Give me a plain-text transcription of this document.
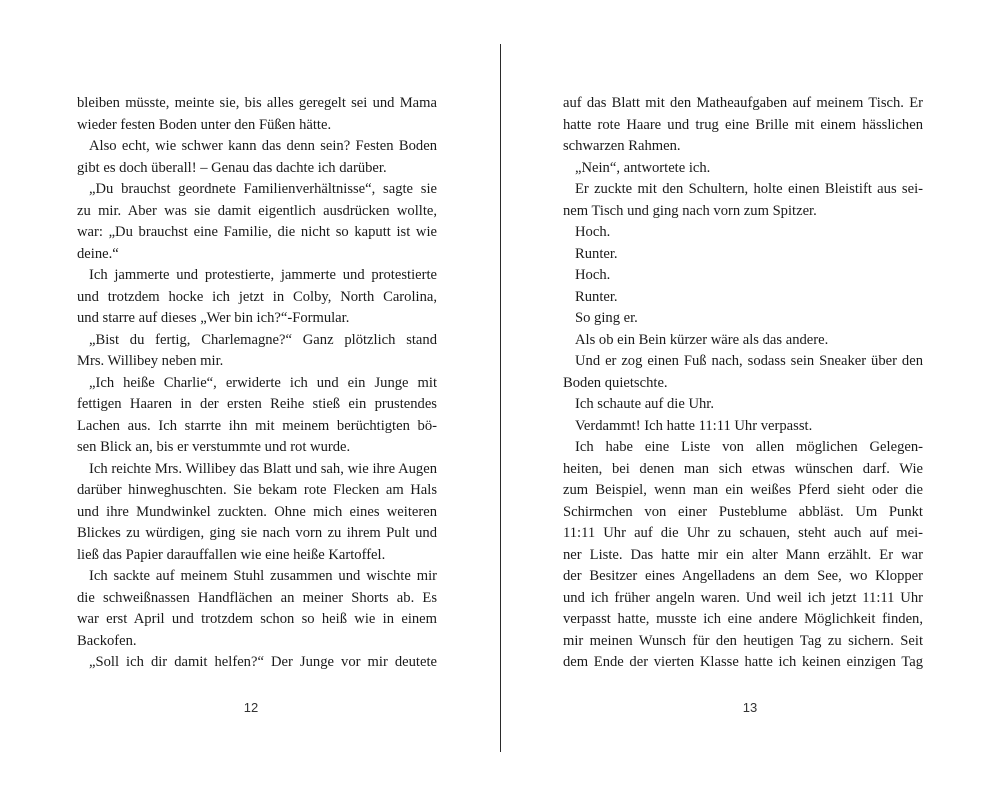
bleiben müsste, meinte sie, bis alles geregelt sei und Mama
wieder festen Boden unter den Füßen hätte.
Also echt, wie schwer kann das denn sein? Festen Boden
gibt es doch überall! – Genau das dachte ich darüber.
„Du brauchst geordnete Familienverhältnisse“, sagte sie
zu mir. Aber was sie damit eigentlich ausdrücken wollte,
war: „Du brauchst eine Familie, die nicht so kaputt ist wie
deine.“
Ich jammerte und protestierte, jammerte und protestierte
und trotzdem hocke ich jetzt in Colby, North Carolina,
und starre auf dieses „Wer bin ich?“-Formular.
„Bist du fertig, Charlemagne?“ Ganz plötzlich stand
Mrs. Willibey neben mir.
„Ich heiße Charlie“, erwiderte ich und ein Junge mit
fettigen Haaren in der ersten Reihe stieß ein prustendes
Lachen aus. Ich starrte ihn mit meinem berüchtigten bö-
sen Blick an, bis er verstummte und rot wurde.
Ich reichte Mrs. Willibey das Blatt und sah, wie ihre Augen
darüber hinweghuschten. Sie bekam rote Flecken am Hals
und ihre Mundwinkel zuckten. Ohne mich eines weiteren
Blickes zu würdigen, ging sie nach vorn zu ihrem Pult und
ließ das Papier darauffallen wie eine heiße Kartoffel.
Ich sackte auf meinem Stuhl zusammen und wischte mir
die schweißnassen Handflächen an meiner Shorts ab. Es
war erst April und trotzdem schon so heiß wie in einem
Backofen.
„Soll ich dir damit helfen?“ Der Junge vor mir deutete
auf das Blatt mit den Matheaufgaben auf meinem Tisch. Er
hatte rote Haare und trug eine Brille mit einem hässlichen
schwarzen Rahmen.
„Nein“, antwortete ich.
Er zuckte mit den Schultern, holte einen Bleistift aus sei-
nem Tisch und ging nach vorn zum Spitzer.
Hoch.
Runter.
Hoch.
Runter.
So ging er.
Als ob ein Bein kürzer wäre als das andere.
Und er zog einen Fuß nach, sodass sein Sneaker über den
Boden quietschte.
Ich schaute auf die Uhr.
Verdammt! Ich hatte 11:11 Uhr verpasst.
Ich habe eine Liste von allen möglichen Gelegen-
heiten, bei denen man sich etwas wünschen darf. Wie
zum Beispiel, wenn man ein weißes Pferd sieht oder die
Schirmchen von einer Pusteblume abbläst. Um Punkt
11:11 Uhr auf die Uhr zu schauen, steht auch auf mei-
ner Liste. Das hatte mir ein alter Mann erzählt. Er war
der Besitzer eines Angelladens an dem See, wo Klopper
und ich früher angeln waren. Und weil ich jetzt 11:11 Uhr
verpasst hatte, musste ich eine andere Möglichkeit finden,
mir meinen Wunsch für den heutigen Tag zu sichern. Seit
dem Ende der vierten Klasse hatte ich keinen einzigen Tag
12	13
